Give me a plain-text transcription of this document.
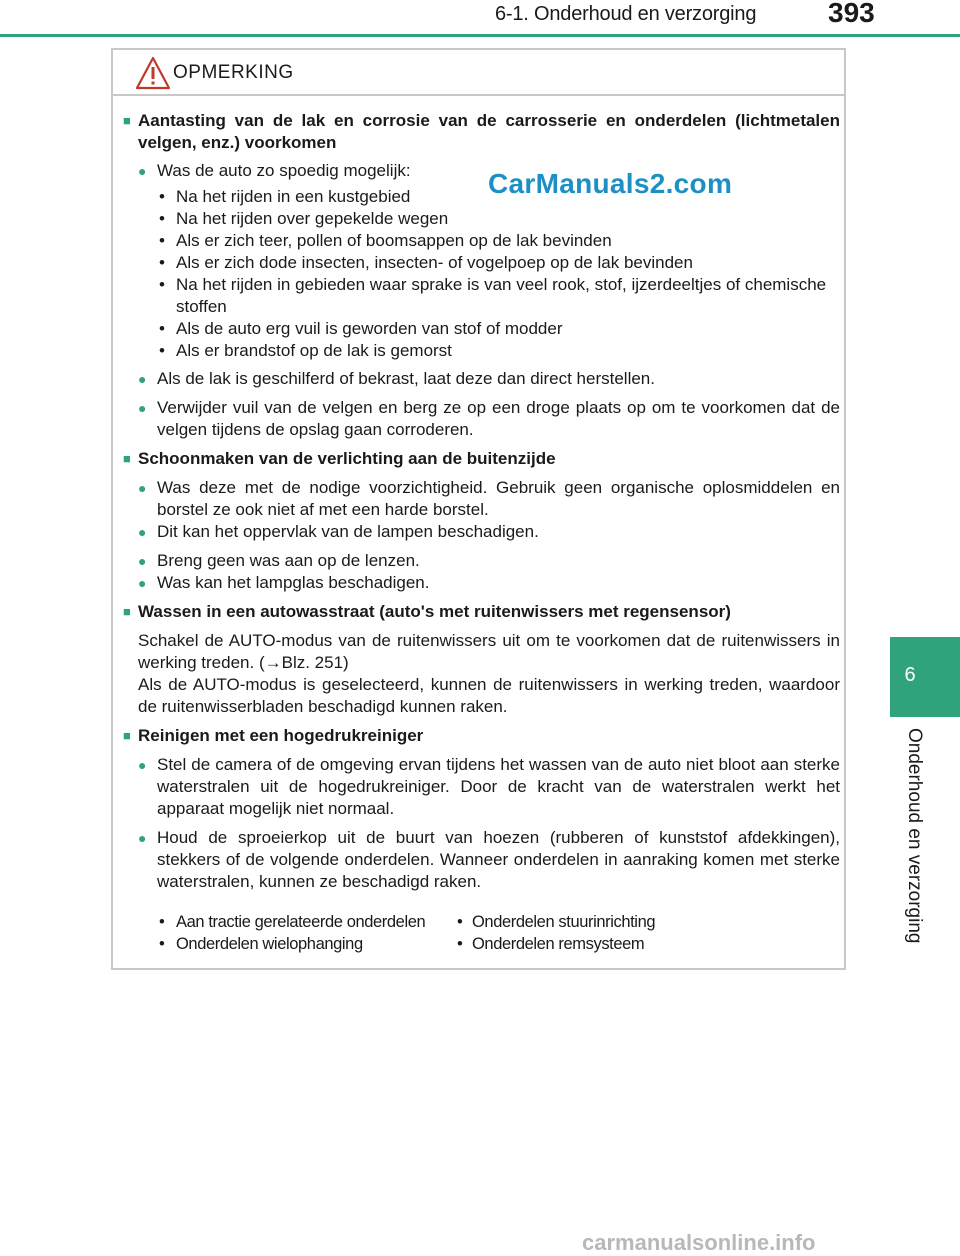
6-1. Onderhoud en verzorging	393
6
Onderhoud en verzorging
OPMERKING

■ Aantasting van de lak en corrosie van de carrosserie en onderdelen (lichtmetalen velgen, enz.) voorkomen

● Was de auto zo spoedig mogelijk:

• Na het rijden in een kustgebied

• Na het rijden over gepekelde wegen

• Als er zich teer, pollen of boomsappen op de lak bevinden

• Als er zich dode insecten, insecten- of vogelpoep op de lak bevinden

• Na het rijden in gebieden waar sprake is van veel rook, stof, ijzerdeeltjes of chemische stoffen

• Als de auto erg vuil is geworden van stof of modder

• Als er brandstof op de lak is gemorst

● Als de lak is geschilferd of bekrast, laat deze dan direct herstellen.

● Verwijder vuil van de velgen en berg ze op een droge plaats op om te voorkomen dat de velgen tijdens de opslag gaan corroderen.

■ Schoonmaken van de verlichting aan de buitenzijde

● Was deze met de nodige voorzichtigheid. Gebruik geen organische oplosmiddelen en borstel ze ook niet af met een harde borstel.

● Dit kan het oppervlak van de lampen beschadigen.

● Breng geen was aan op de lenzen.

● Was kan het lampglas beschadigen.

■ Wassen in een autowasstraat (auto's met ruitenwissers met regensensor)

Schakel de AUTO-modus van de ruitenwissers uit om te voorkomen dat de ruitenwissers in werking treden. (→Blz. 251)

Als de AUTO-modus is geselecteerd, kunnen de ruitenwissers in werking treden, waardoor de ruitenwisserbladen beschadigd kunnen raken.

■ Reinigen met een hogedrukreiniger

● Stel de camera of de omgeving ervan tijdens het wassen van de auto niet bloot aan sterke waterstralen uit de hogedrukreiniger. Door de kracht van de waterstralen werkt het apparaat mogelijk niet normaal.

● Houd de sproeierkop uit de buurt van hoezen (rubberen of kunststof afdekkingen), stekkers of de volgende onderdelen. Wanneer onderdelen in aanraking komen met sterke waterstralen, kunnen ze beschadigd raken.

• Aan tractie gerelateerde onderdelen

• Onderdelen wielophanging

• Onderdelen stuurinrichting

• Onderdelen remsysteem

CarManuals2.com
carmanualsonline.info
